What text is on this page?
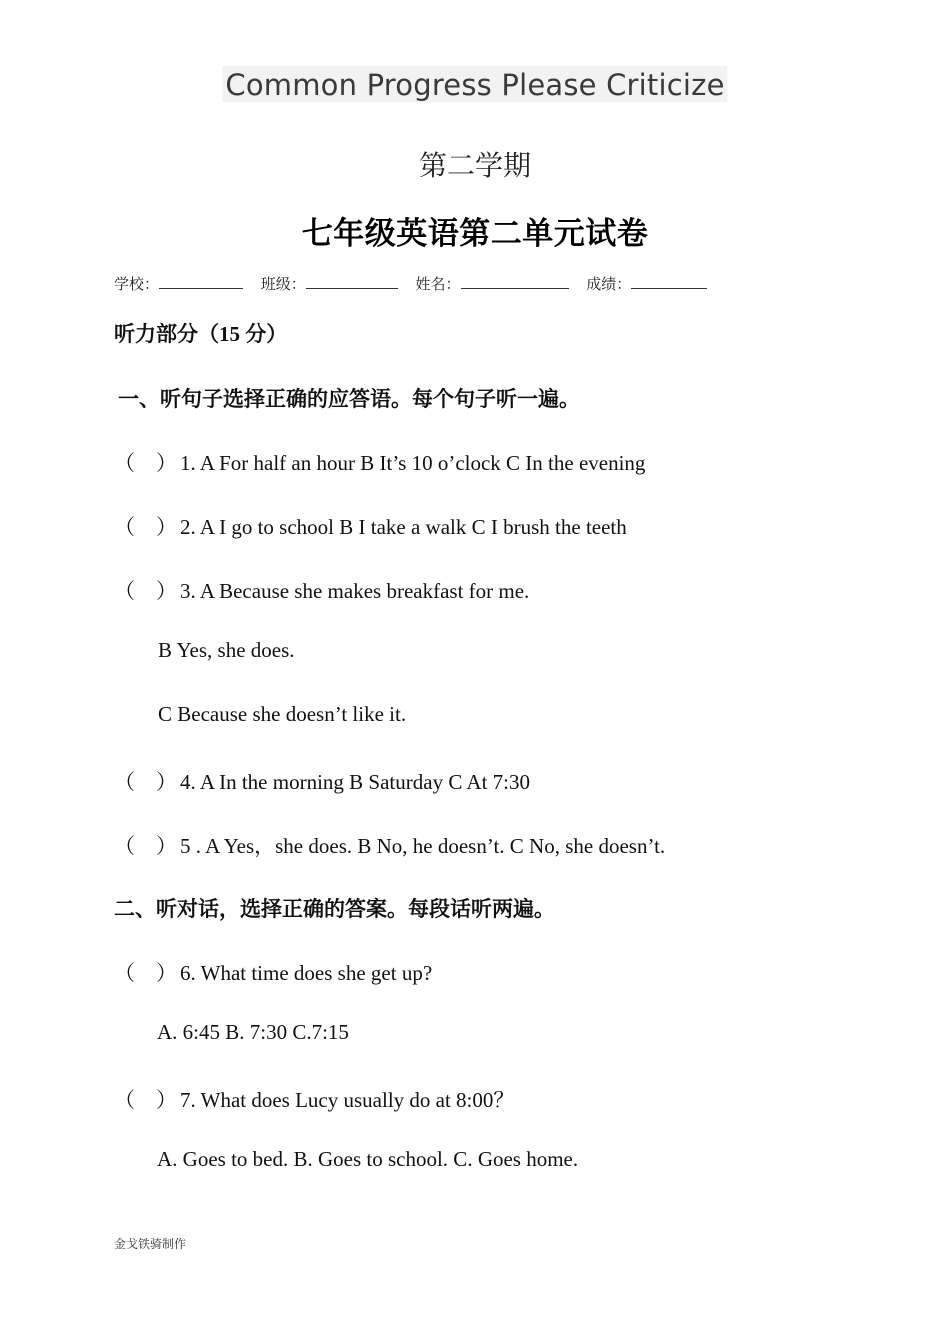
Common Progress Please Criticize
第二学期
七年级英语第二单元试卷
学校：	班级：	姓名：	成绩：
听力部分（15 分）
一、听句子选择正确的应答语。每个句子听一遍。
（　） 1. A For half an hour B It’s 10 o’clock C In the evening
（　） 2. A I go to school B I take a walk C I brush the teeth
（　） 3. A Because she makes breakfast for me.
B Yes, she does.
C Because she doesn’t like it.
（　） 4. A In the morning B Saturday C At 7:30
（　） 5 . A Yes，she does. B No, he doesn’t. C No, she doesn’t.
二、听对话，选择正确的答案。每段话听两遍。
（　） 6. What time does she get up?
A. 6:45 B. 7:30 C.7:15
（　） 7. What does Lucy usually do at 8:00？
A. Goes to bed. B. Goes to school. C. Goes home.
金戈铁骑制作
